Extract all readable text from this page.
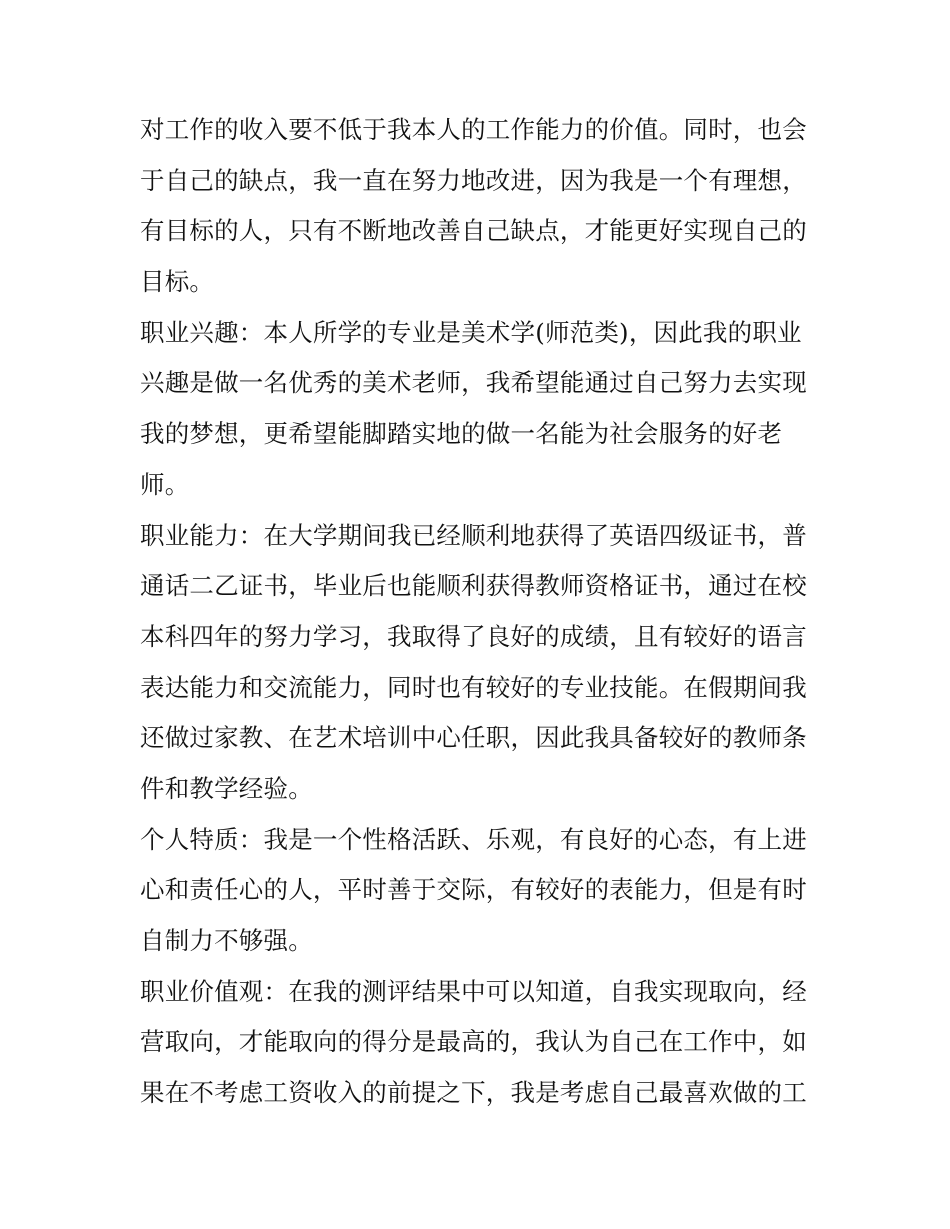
对工作的收入要不低于我本人的工作能力的价值。同时，也会
于自己的缺点，我一直在努力地改进，因为我是一个有理想，
有目标的人，只有不断地改善自己缺点，才能更好实现自己的
目标。
职业兴趣：本人所学的专业是美术学(师范类)，因此我的职业
兴趣是做一名优秀的美术老师，我希望能通过自己努力去实现
我的梦想，更希望能脚踏实地的做一名能为社会服务的好老
师。
职业能力：在大学期间我已经顺利地获得了英语四级证书，普
通话二乙证书，毕业后也能顺利获得教师资格证书，通过在校
本科四年的努力学习，我取得了良好的成绩，且有较好的语言
表达能力和交流能力，同时也有较好的专业技能。在假期间我
还做过家教、在艺术培训中心任职，因此我具备较好的教师条
件和教学经验。
个人特质：我是一个性格活跃、乐观，有良好的心态，有上进
心和责任心的人，平时善于交际，有较好的表能力，但是有时
自制力不够强。
职业价值观：在我的测评结果中可以知道，自我实现取向，经
营取向，才能取向的得分是最高的，我认为自己在工作中，如
果在不考虑工资收入的前提之下，我是考虑自己最喜欢做的工
